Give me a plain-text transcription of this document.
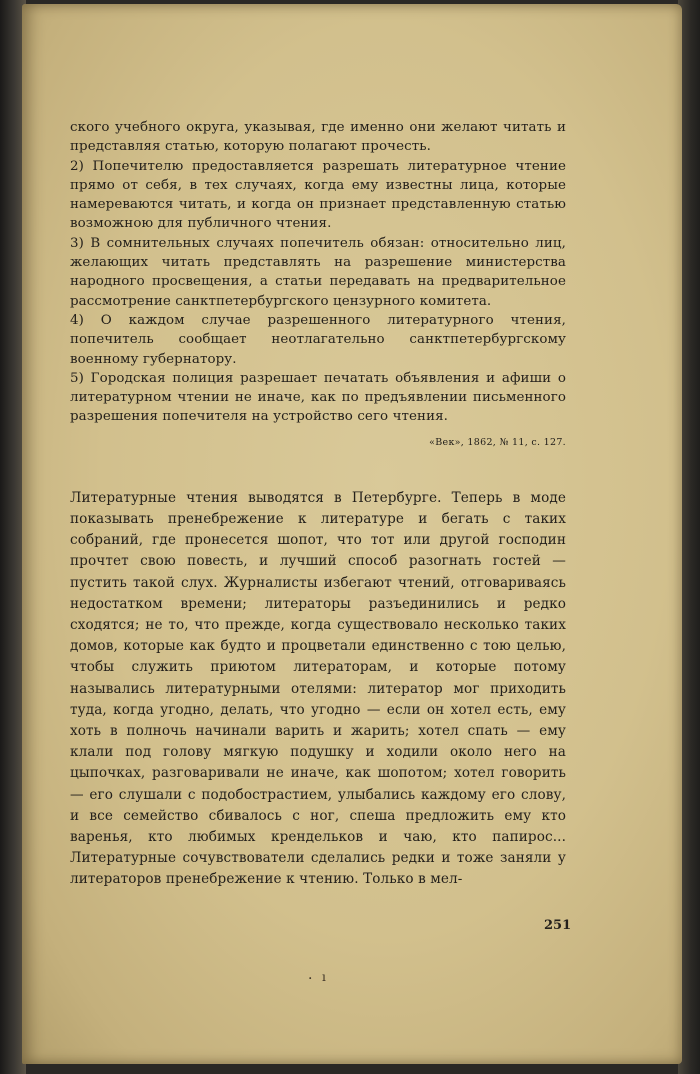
ского учебного округа, указывая, где именно они желают читать и представляя статью, которую полагают прочесть.

2) Попечителю предоставляется разрешать литературное чтение прямо от себя, в тех случаях, когда ему известны лица, которые намереваются читать, и когда он признает представленную статью возможною для публичного чтения.

3) В сомнительных случаях попечитель обязан: относительно лиц, желающих читать представлять на разрешение министерства народного просвещения, а статьи передавать на предварительное рассмотрение санктпетербургского цензурного комитета.

4) О каждом случае разрешенного литературного чтения, попечитель сообщает неотлагательно санктпетербургскому военному губернатору.

5) Городская полиция разрешает печатать объявления и афиши о литературном чтении не иначе, как по предъявлении письменного разрешения попечителя на устройство сего чтения.

«Век», 1862, № 11, с. 127.

Литературные чтения выводятся в Петербурге. Теперь в моде показывать пренебрежение к литературе и бегать с таких собраний, где пронесется шопот, что тот или другой господин прочтет свою повесть, и лучший способ разогнать гостей — пустить такой слух. Журналисты избегают чтений, отговариваясь недостатком времени; литераторы разъединились и редко сходятся; не то, что прежде, когда существовало несколько таких домов, которые как будто и процветали единственно с тою целью, чтобы служить приютом литераторам, и которые потому назывались литературными отелями: литератор мог приходить туда, когда угодно, делать, что угодно — если он хотел есть, ему хоть в полночь начинали варить и жарить; хотел спать — ему клали под голову мягкую подушку и ходили около него на цыпочках, разговаривали не иначе, как шопотом; хотел говорить — его слушали с подобострастием, улыбались каждому его слову, и все семейство сбивалось с ног, спеша предложить ему кто варенья, кто любимых крендельков и чаю, кто папирос... Литературные сочувствователи сделались редки и тоже заняли у литераторов пренебрежение к чтению. Только в мел-

251
· ı
